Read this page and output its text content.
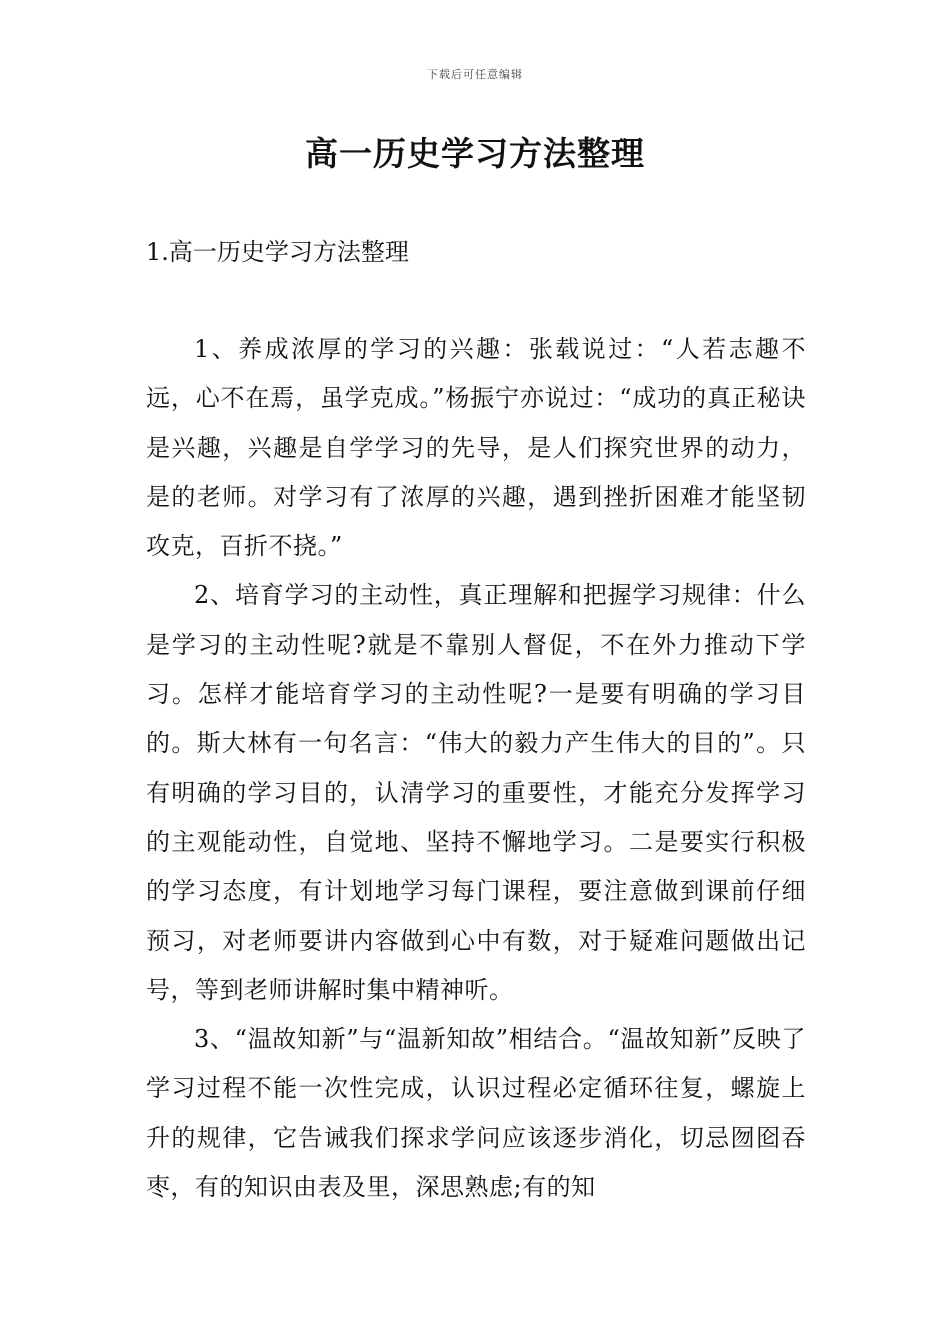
下载后可任意编辑
高一历史学习方法整理
1.高一历史学习方法整理

1、养成浓厚的学习的兴趣：张载说过：“人若志趣不远，心不在焉，虽学克成。”杨振宁亦说过：“成功的真正秘诀是兴趣，兴趣是自学学习的先导，是人们探究世界的动力，是的老师。对学习有了浓厚的兴趣，遇到挫折困难才能坚韧攻克，百折不挠。”

2、培育学习的主动性，真正理解和把握学习规律：什么是学习的主动性呢?就是不靠别人督促，不在外力推动下学习。怎样才能培育学习的主动性呢?一是要有明确的学习目的。斯大林有一句名言：“伟大的毅力产生伟大的目的”。只有明确的学习目的，认清学习的重要性，才能充分发挥学习的主观能动性，自觉地、坚持不懈地学习。二是要实行积极的学习态度，有计划地学习每门课程，要注意做到课前仔细预习，对老师要讲内容做到心中有数，对于疑难问题做出记号，等到老师讲解时集中精神听。

3、“温故知新”与“温新知故”相结合。“温故知新”反映了学习过程不能一次性完成，认识过程必定循环往复，螺旋上升的规律，它告诫我们探求学问应该逐步消化，切忌囫囵吞枣，有的知识由表及里，深思熟虑;有的知
